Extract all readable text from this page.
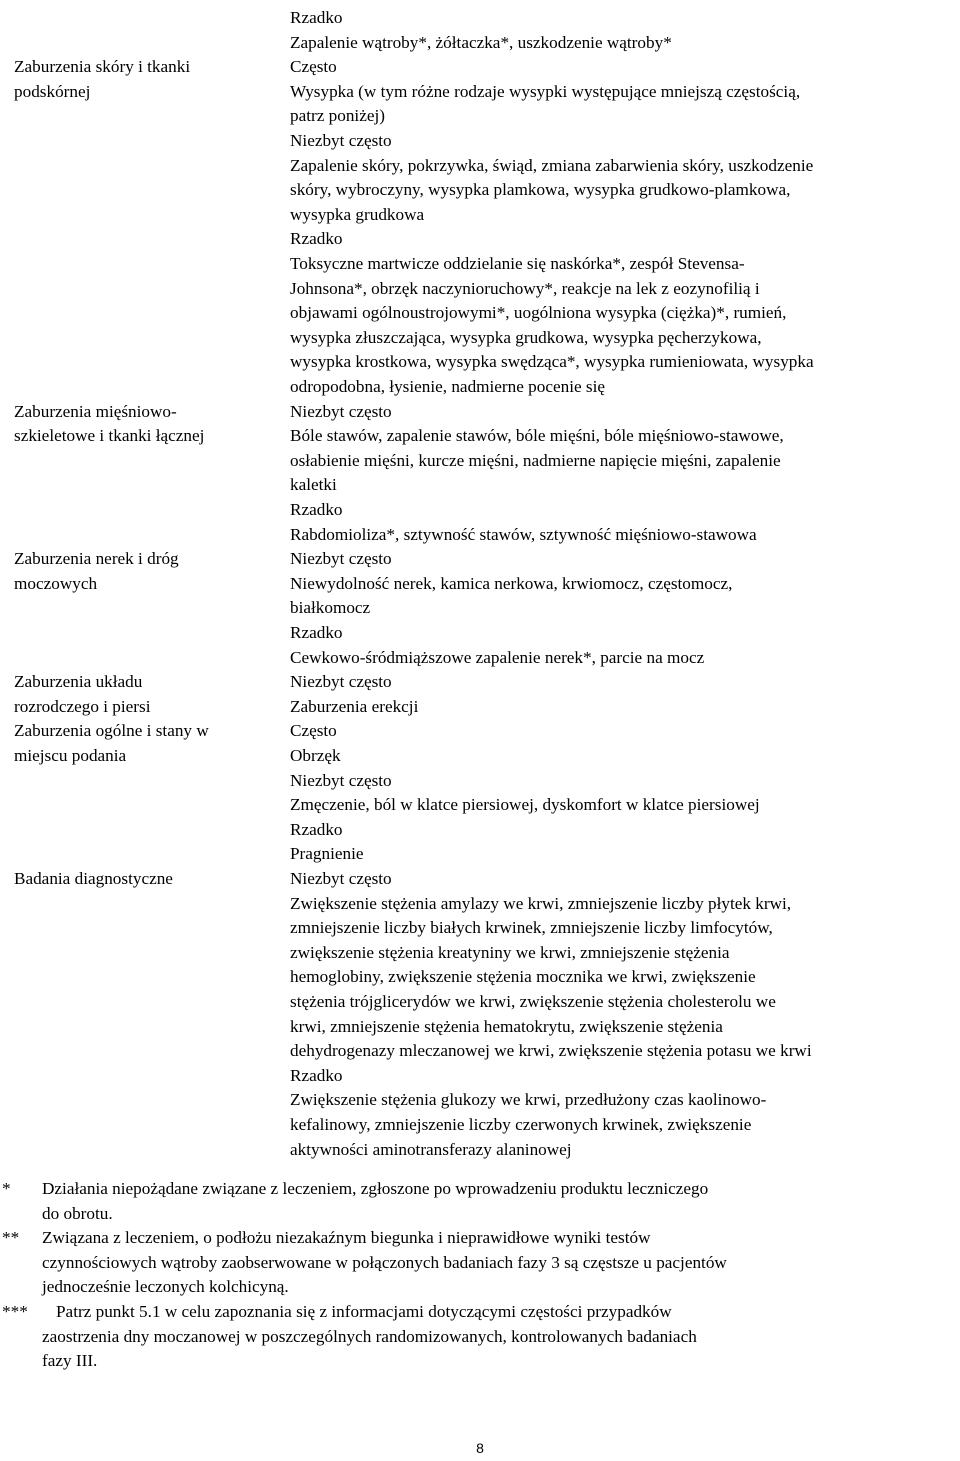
Rzadko
Zapalenie wątroby*, żółtaczka*, uszkodzenie wątroby*
Zaburzenia skóry i tkanki
podskórnej
Często
Wysypka (w tym różne rodzaje wysypki występujące mniejszą częstością,
patrz poniżej)
Niezbyt często
Zapalenie skóry, pokrzywka, świąd, zmiana zabarwienia skóry, uszkodzenie
skóry, wybroczyny, wysypka plamkowa, wysypka grudkowo-plamkowa,
wysypka grudkowa
Rzadko
Toksyczne martwicze oddzielanie się naskórka*, zespół Stevensa-
Johnsona*, obrzęk naczynioruchowy*, reakcje na lek z eozynofilią i
objawami ogólnoustrojowymi*, uogólniona wysypka (ciężka)*, rumień,
wysypka złuszczająca, wysypka grudkowa, wysypka pęcherzykowa,
wysypka krostkowa, wysypka swędząca*, wysypka rumieniowata, wysypka
odropodobna, łysienie, nadmierne pocenie się
Zaburzenia mięśniowo-
szkieletowe i tkanki łącznej
Niezbyt często
Bóle stawów, zapalenie stawów, bóle mięśni, bóle mięśniowo-stawowe,
osłabienie mięśni, kurcze mięśni, nadmierne napięcie mięśni, zapalenie
kaletki
Rzadko
Rabdomioliza*, sztywność stawów, sztywność mięśniowo-stawowa
Zaburzenia nerek i dróg
moczowych
Niezbyt często
Niewydolność nerek, kamica nerkowa, krwiomocz, częstomocz,
białkomocz
Rzadko
Cewkowo-śródmiąższowe zapalenie nerek*, parcie na mocz
Zaburzenia układu
rozrodczego i piersi
Niezbyt często
Zaburzenia erekcji
Zaburzenia ogólne i stany w
miejscu podania
Często
Obrzęk
Niezbyt często
Zmęczenie, ból w klatce piersiowej, dyskomfort w klatce piersiowej
Rzadko
Pragnienie
Badania diagnostyczne	Niezbyt często
Zwiększenie stężenia amylazy we krwi, zmniejszenie liczby płytek krwi,
zmniejszenie liczby białych krwinek, zmniejszenie liczby limfocytów,
zwiększenie stężenia kreatyniny we krwi, zmniejszenie stężenia
hemoglobiny, zwiększenie stężenia mocznika we krwi, zwiększenie
stężenia trójglicerydów we krwi, zwiększenie stężenia cholesterolu we
krwi, zmniejszenie stężenia hematokrytu, zwiększenie stężenia
dehydrogenazy mleczanowej we krwi, zwiększenie stężenia potasu we krwi
Rzadko
Zwiększenie stężenia glukozy we krwi, przedłużony czas kaolinowo-
kefalinowy, zmniejszenie liczby czerwonych krwinek, zwiększenie
aktywności aminotransferazy alaninowej
* Działania niepożądane związane z leczeniem, zgłoszone po wprowadzeniu produktu leczniczego
do obrotu.
** Związana z leczeniem, o podłożu niezakaźnym biegunka i nieprawidłowe wyniki testów
czynnościowych wątroby zaobserwowane w połączonych badaniach fazy 3 są częstsze u pacjentów
jednocześnie leczonych kolchicyną.
*** Patrz punkt 5.1 w celu zapoznania się z informacjami dotyczącymi częstości przypadków
zaostrzenia dny moczanowej w poszczególnych randomizowanych, kontrolowanych badaniach
fazy III.
8
